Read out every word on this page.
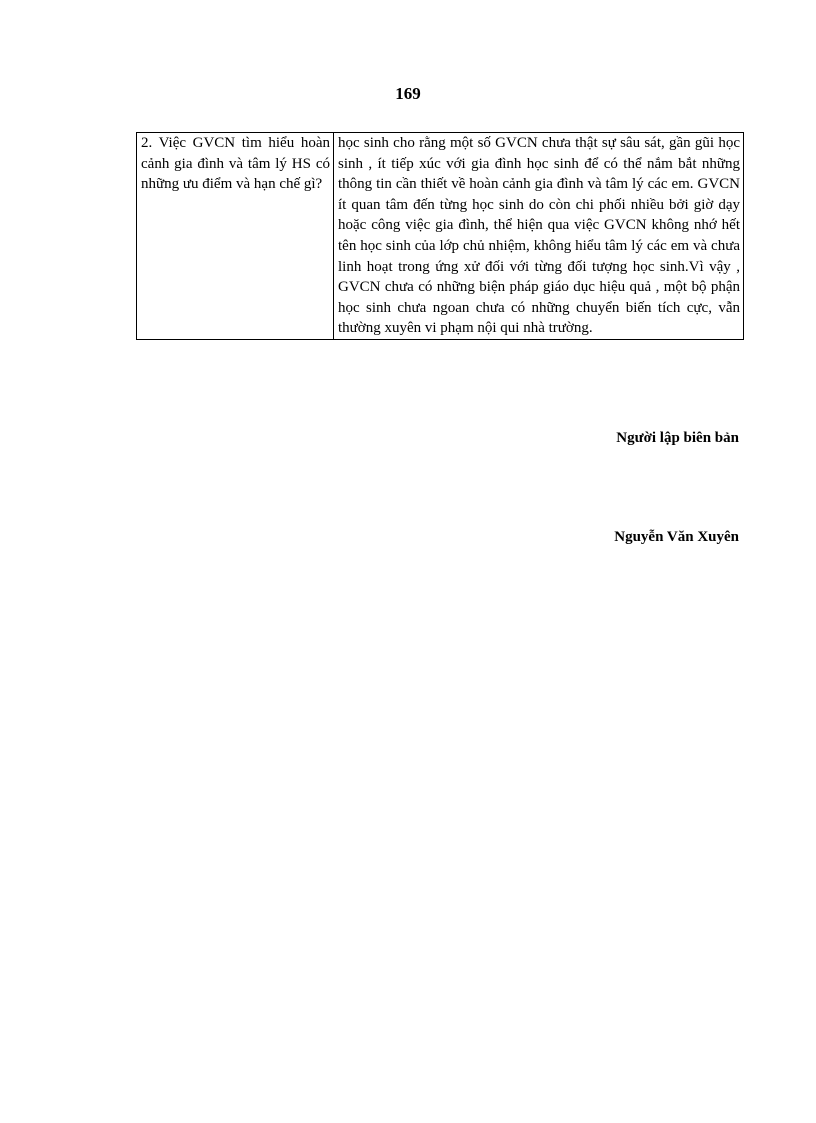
169
2. Việc GVCN tìm hiểu hoàn cảnh gia đình và tâm lý HS có những ưu điểm và hạn chế gì?	học sinh cho rằng một số GVCN chưa thật sự sâu sát, gần gũi học sinh , ít tiếp xúc với gia đình học sinh để có thể nắm bắt những thông tin cần thiết về hoàn cảnh gia đình và tâm lý các em. GVCN ít quan tâm đến từng học sinh do còn chi phối nhiều bởi giờ dạy hoặc công việc gia đình, thể hiện qua việc GVCN không nhớ hết tên học sinh của lớp chủ nhiệm, không hiểu tâm lý các em và chưa linh hoạt trong ứng xử đối với từng đối tượng học sinh.Vì vậy , GVCN chưa có những biện pháp giáo dục hiệu quả , một bộ phận học sinh chưa ngoan chưa có những chuyển biến tích cực, vẫn thường xuyên vi phạm nội qui nhà trường.
Người lập biên bản
Nguyễn Văn Xuyên
